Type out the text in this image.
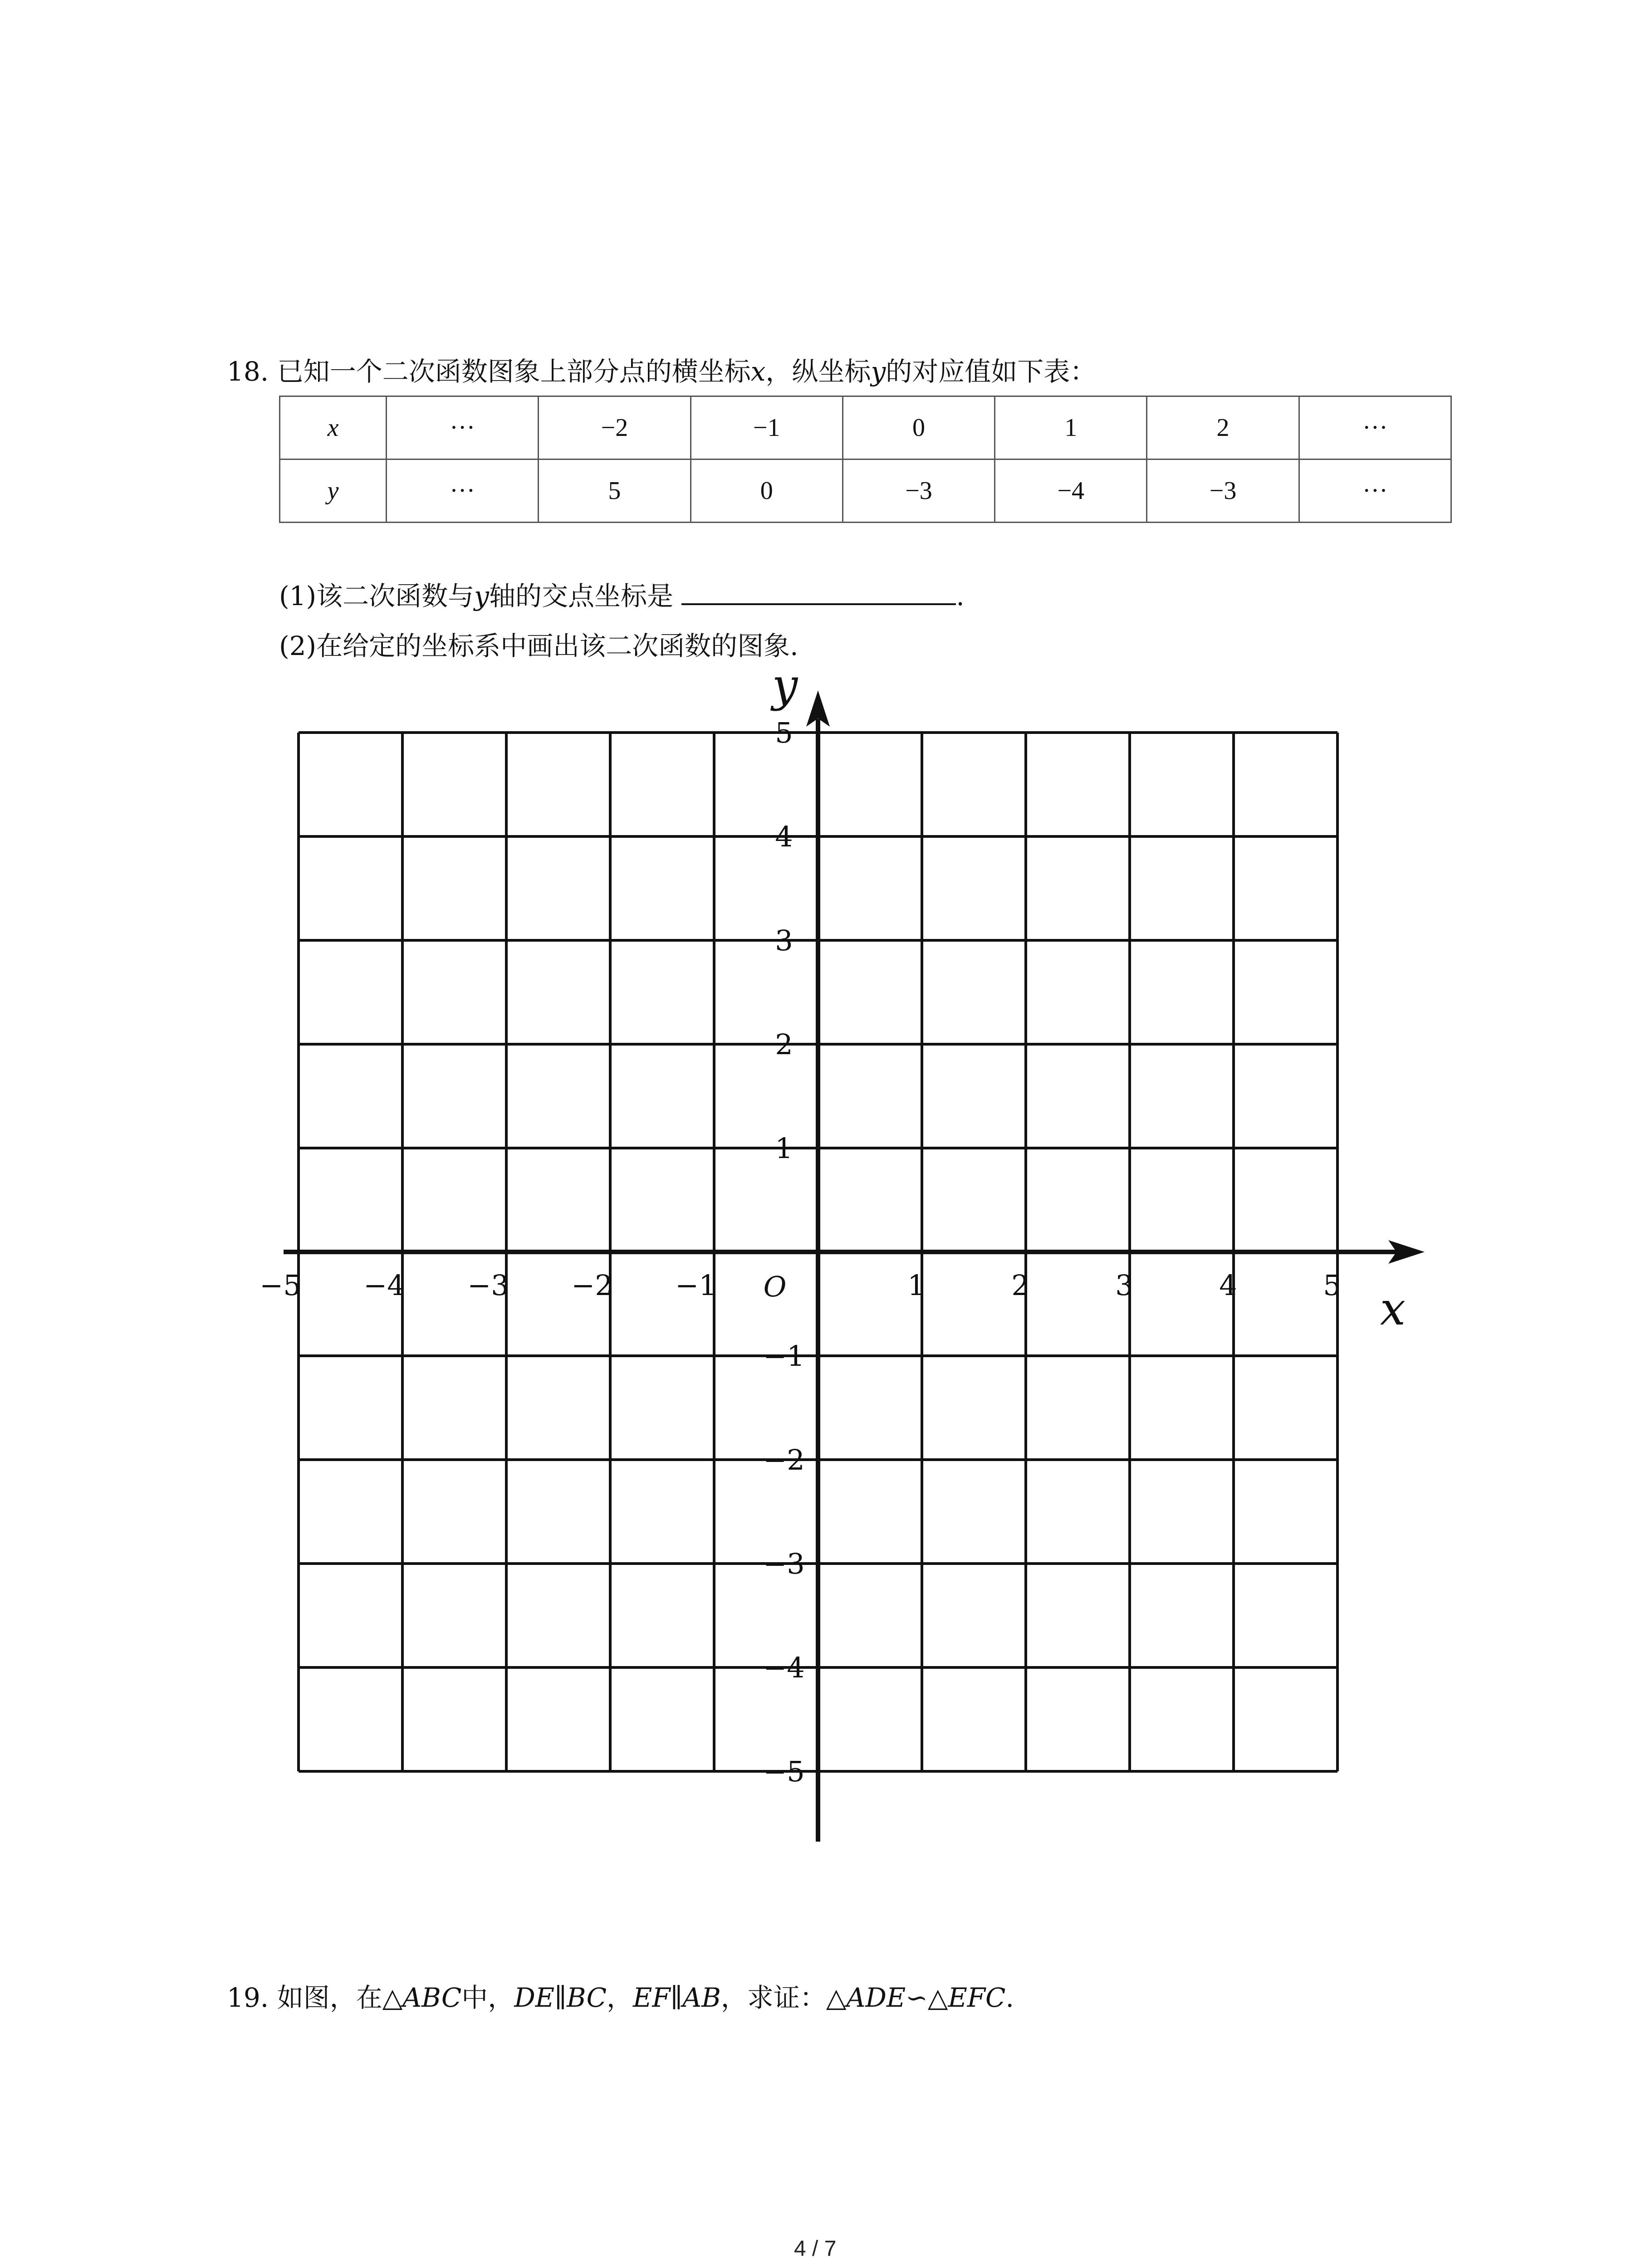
18. 已知一个二次函数图象上部分点的横坐标x，纵坐标y的对应值如下表：
x	···	−2	−1	0	1	2	···
y	···	5	0	−3	−4	−3	···
(1)该二次函数与y轴的交点坐标是	.
(2)在给定的坐标系中画出该二次函数的图象.
−5 −4 −3 −2 −1	1	2	3	4	5
5
4
3
2
1
−1
−2
−3
−4
−5
O	x
y
19. 如图，在△ABC中，DE∥BC，EF∥AB，求证：△ADE∽△EFC.
4 / 7
